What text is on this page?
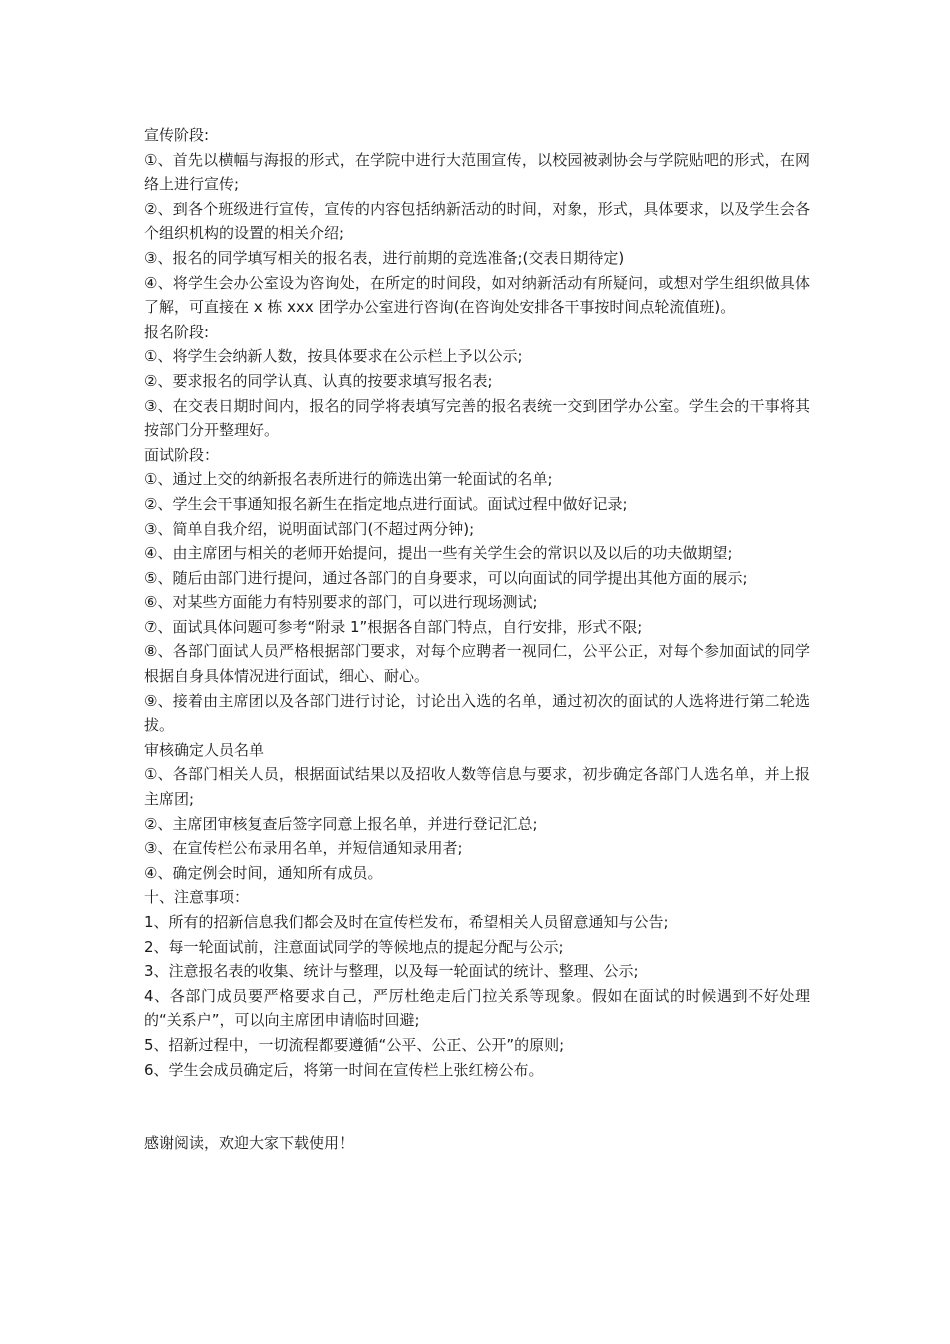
宣传阶段:
①、首先以横幅与海报的形式，在学院中进行大范围宣传，以校园被剥协会与学院贴吧的形式，在网络上进行宣传;
②、到各个班级进行宣传，宣传的内容包括纳新活动的时间，对象，形式，具体要求，以及学生会各个组织机构的设置的相关介绍;
③、报名的同学填写相关的报名表，进行前期的竞选准备;(交表日期待定)
④、将学生会办公室设为咨询处，在所定的时间段，如对纳新活动有所疑问，或想对学生组织做具体了解，可直接在 x 栋 xxx 团学办公室进行咨询(在咨询处安排各干事按时间点轮流值班)。
报名阶段:
①、将学生会纳新人数，按具体要求在公示栏上予以公示;
②、要求报名的同学认真、认真的按要求填写报名表;
③、在交表日期时间内，报名的同学将表填写完善的报名表统一交到团学办公室。学生会的干事将其按部门分开整理好。
面试阶段：
①、通过上交的纳新报名表所进行的筛选出第一轮面试的名单;
②、学生会干事通知报名新生在指定地点进行面试。面试过程中做好记录;
③、简单自我介绍，说明面试部门(不超过两分钟);
④、由主席团与相关的老师开始提问，提出一些有关学生会的常识以及以后的功夫做期望;
⑤、随后由部门进行提问，通过各部门的自身要求，可以向面试的同学提出其他方面的展示;
⑥、对某些方面能力有特别要求的部门，可以进行现场测试;
⑦、面试具体问题可参考“附录 1”根据各自部门特点，自行安排，形式不限;
⑧、各部门面试人员严格根据部门要求，对每个应聘者一视同仁，公平公正，对每个参加面试的同学根据自身具体情况进行面试，细心、耐心。
⑨、接着由主席团以及各部门进行讨论，讨论出入选的名单，通过初次的面试的人选将进行第二轮选拔。
审核确定人员名单
①、各部门相关人员，根据面试结果以及招收人数等信息与要求，初步确定各部门人选名单，并上报主席团;
②、主席团审核复查后签字同意上报名单，并进行登记汇总;
③、在宣传栏公布录用名单，并短信通知录用者;
④、确定例会时间，通知所有成员。
十、注意事项：
1、所有的招新信息我们都会及时在宣传栏发布，希望相关人员留意通知与公告;
2、每一轮面试前，注意面试同学的等候地点的提起分配与公示;
3、注意报名表的收集、统计与整理，以及每一轮面试的统计、整理、公示;
4、各部门成员要严格要求自己，严厉杜绝走后门拉关系等现象。假如在面试的时候遇到不好处理的“关系户”，可以向主席团申请临时回避;
5、招新过程中，一切流程都要遵循“公平、公正、公开”的原则;
6、学生会成员确定后，将第一时间在宣传栏上张红榜公布。
感谢阅读，欢迎大家下载使用！
